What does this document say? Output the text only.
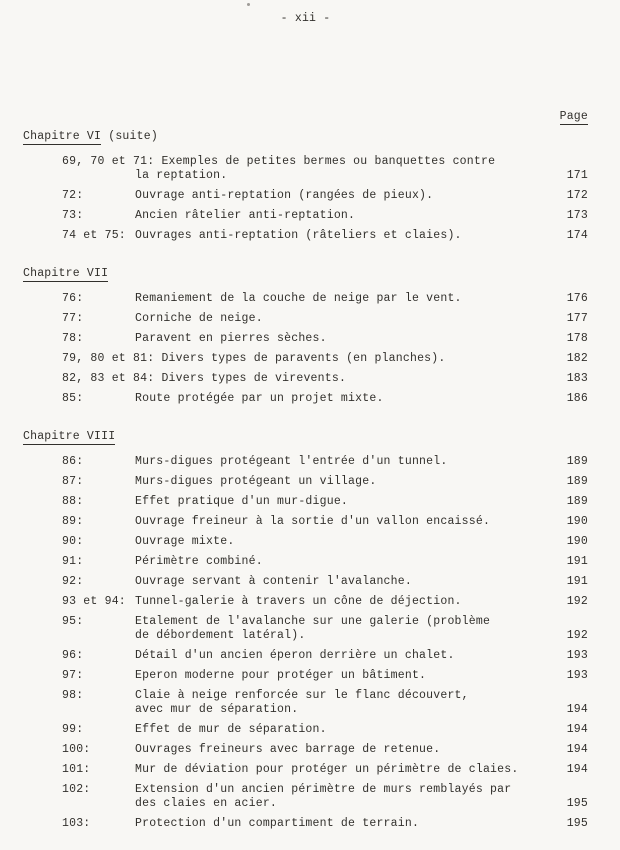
- xii -
Page
Chapitre VI (suite)
69, 70 et 71: Exemples de petites bermes ou banquettes contre
la reptation.	171
72:	Ouvrage anti-reptation (rangées de pieux).	172
73:	Ancien râtelier anti-reptation.	173
74 et 75: Ouvrages anti-reptation (râteliers et claies).	174
Chapitre VII
76:	Remaniement de la couche de neige par le vent.	176
77:	Corniche de neige.	177
78:	Paravent en pierres sèches.	178
79, 80 et 81: Divers types de paravents (en planches).	182
82, 83 et 84: Divers types de virevents.	183
85:	Route protégée par un projet mixte.	186
Chapitre VIII
86:	Murs-digues protégeant l'entrée d'un tunnel.	189
87:	Murs-digues protégeant un village.	189
88:	Effet pratique d'un mur-digue.	189
89:	Ouvrage freineur à la sortie d'un vallon encaissé.	190
90:	Ouvrage mixte.	190
91:	Périmètre combiné.	191
92:	Ouvrage servant à contenir l'avalanche.	191
93 et 94: Tunnel-galerie à travers un cône de déjection.	192
95:	Etalement de l'avalanche sur une galerie (problème
de débordement latéral).	192
96:	Détail d'un ancien éperon derrière un chalet.	193
97:	Eperon moderne pour protéger un bâtiment.	193
98:	Claie à neige renforcée sur le flanc découvert,
avec mur de séparation.	194
99:	Effet de mur de séparation.	194
100:	Ouvrages freineurs avec barrage de retenue.	194
101:	Mur de déviation pour protéger un périmètre de claies.	194
102:	Extension d'un ancien périmètre de murs remblayés par
des claies en acier.	195
103:	Protection d'un compartiment de terrain.	195
